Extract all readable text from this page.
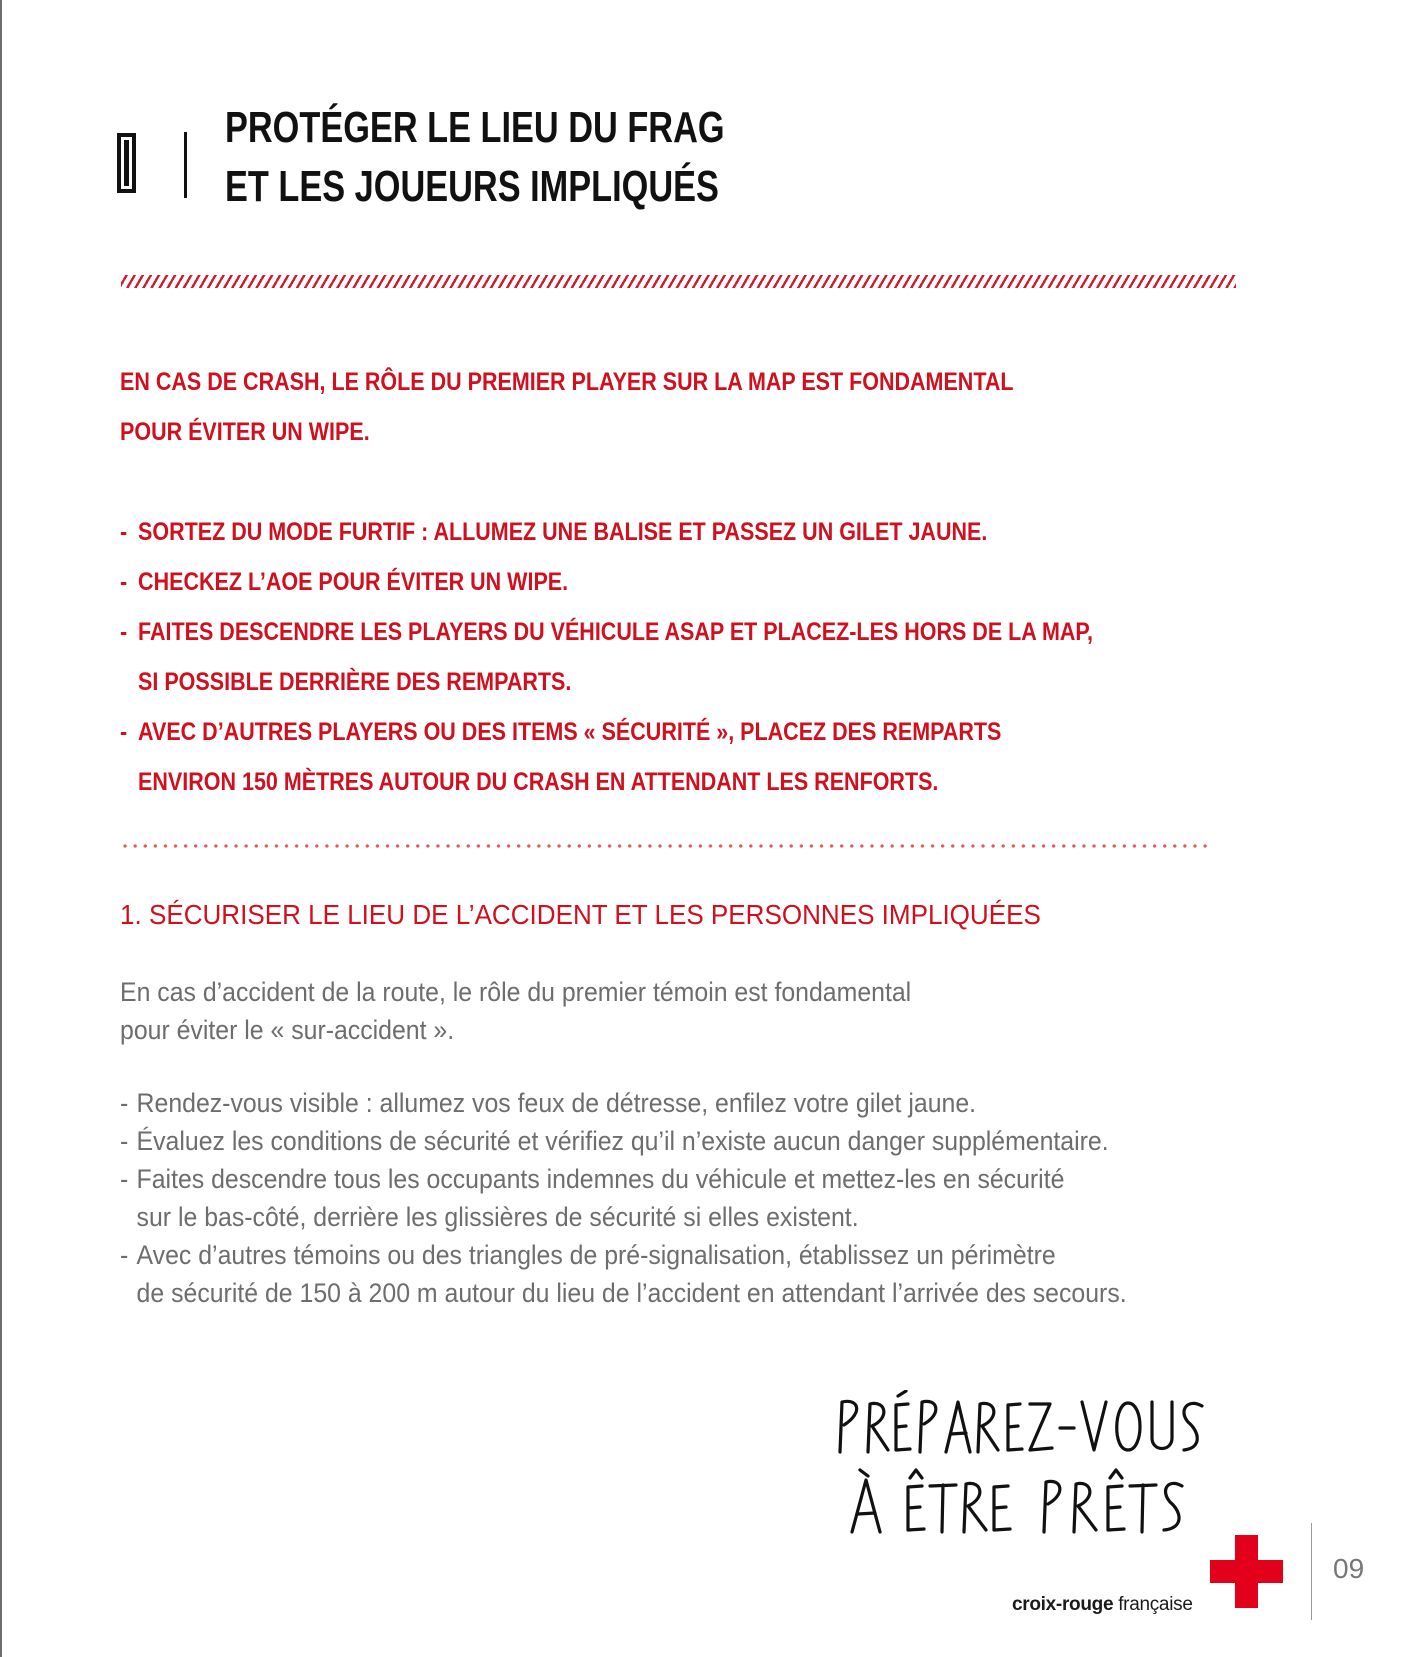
PROTÉGER LE LIEU DU FRAG
ET LES JOUEURS IMPLIQUÉS

EN CAS DE CRASH, LE RÔLE DU PREMIER PLAYER SUR LA MAP EST FONDAMENTAL

POUR ÉVITER UN WIPE.

- SORTEZ DU MODE FURTIF : ALLUMEZ UNE BALISE ET PASSEZ UN GILET JAUNE.

- CHECKEZ L’AOE POUR ÉVITER UN WIPE.

- FAITES DESCENDRE LES PLAYERS DU VÉHICULE ASAP ET PLACEZ-LES HORS DE LA MAP,

SI POSSIBLE DERRIÈRE DES REMPARTS.

- AVEC D’AUTRES PLAYERS OU DES ITEMS « SÉCURITÉ », PLACEZ DES REMPARTS

ENVIRON 150 MÈTRES AUTOUR DU CRASH EN ATTENDANT LES RENFORTS.

1. SÉCURISER LE LIEU DE L’ACCIDENT ET LES PERSONNES IMPLIQUÉES

En cas d’accident de la route, le rôle du premier témoin est fondamental

pour éviter le « sur-accident ».

- Rendez-vous visible : allumez vos feux de détresse, enfilez votre gilet jaune.

- Évaluez les conditions de sécurité et vérifiez qu’il n’existe aucun danger supplémentaire.

- Faites descendre tous les occupants indemnes du véhicule et mettez-les en sécurité

sur le bas-côté, derrière les glissières de sécurité si elles existent.

- Avec d’autres témoins ou des triangles de pré-signalisation, établissez un périmètre

de sécurité de 150 à 200 m autour du lieu de l’accident en attendant l’arrivée des secours.

croix-rouge française
09
